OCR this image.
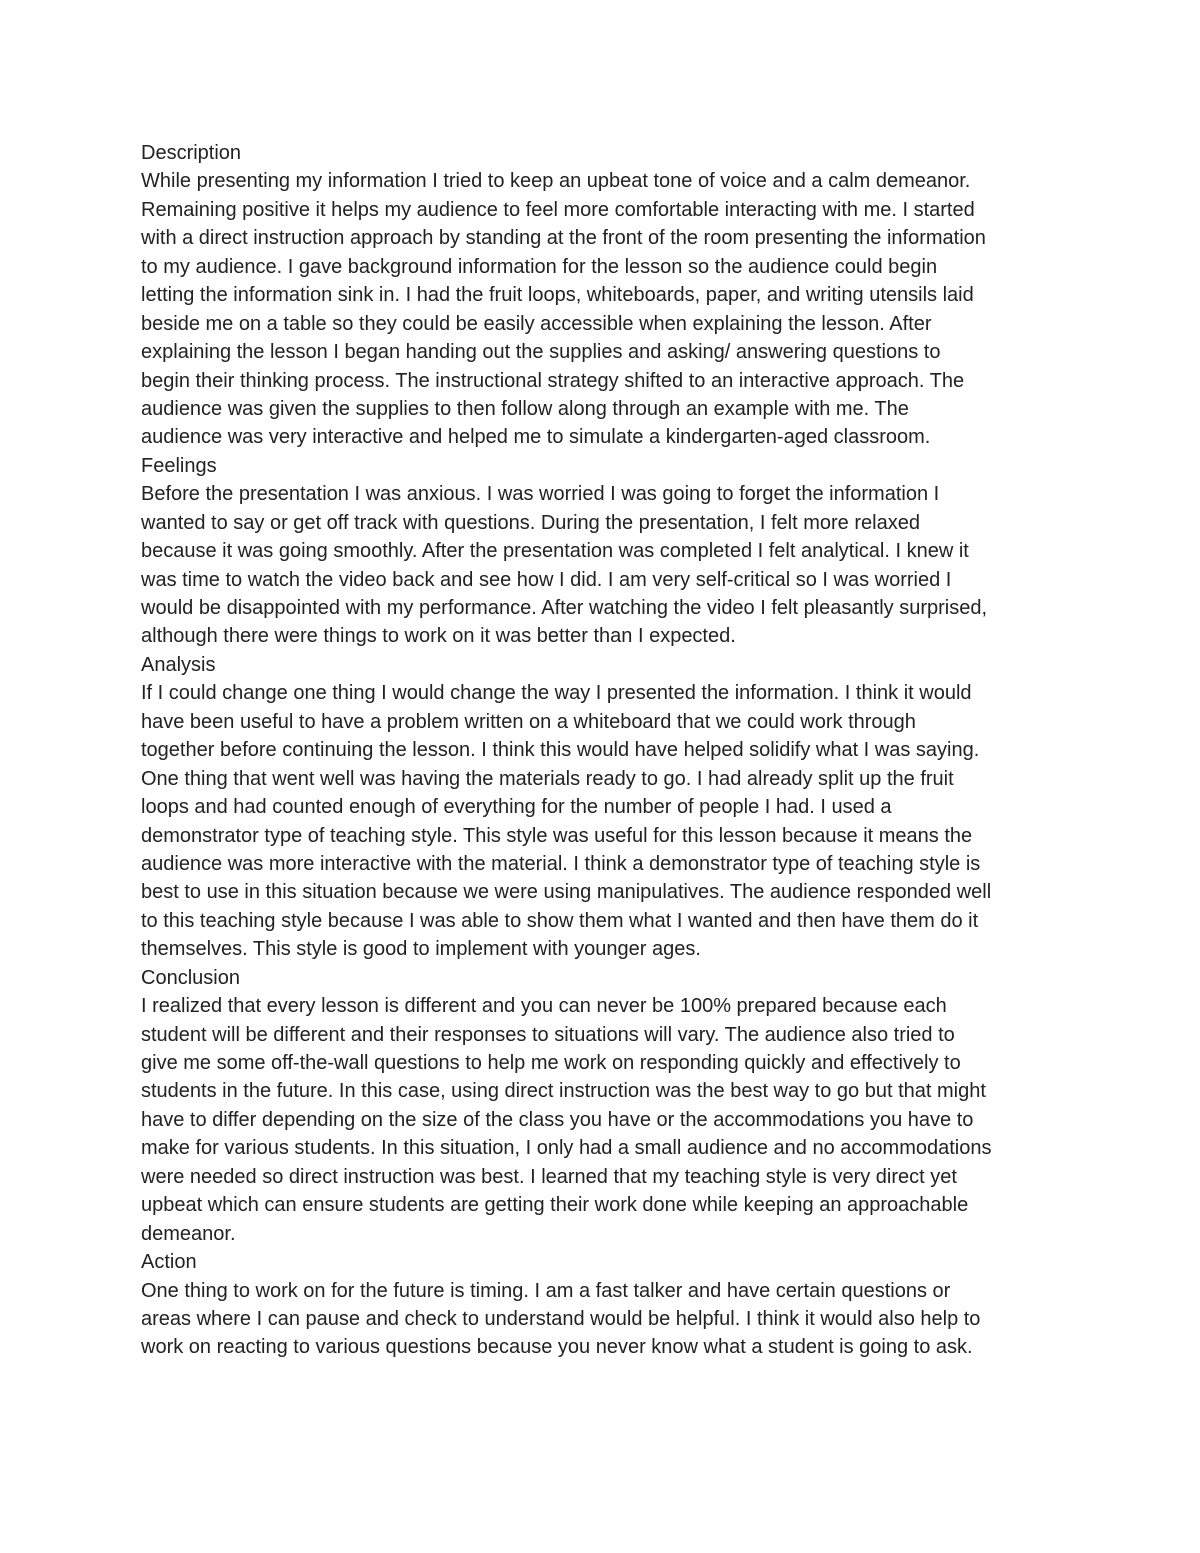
Description
While presenting my information I tried to keep an upbeat tone of voice and a calm demeanor.
Remaining positive it helps my audience to feel more comfortable interacting with me. I started
with a direct instruction approach by standing at the front of the room presenting the information
to my audience. I gave background information for the lesson so the audience could begin
letting the information sink in. I had the fruit loops, whiteboards, paper, and writing utensils laid
beside me on a table so they could be easily accessible when explaining the lesson. After
explaining the lesson I began handing out the supplies and asking/ answering questions to
begin their thinking process. The instructional strategy shifted to an interactive approach. The
audience was given the supplies to then follow along through an example with me. The
audience was very interactive and helped me to simulate a kindergarten-aged classroom.
Feelings
Before the presentation I was anxious. I was worried I was going to forget the information I
wanted to say or get off track with questions. During the presentation, I felt more relaxed
because it was going smoothly. After the presentation was completed I felt analytical. I knew it
was time to watch the video back and see how I did. I am very self-critical so I was worried I
would be disappointed with my performance. After watching the video I felt pleasantly surprised,
although there were things to work on it was better than I expected.
Analysis
If I could change one thing I would change the way I presented the information. I think it would
have been useful to have a problem written on a whiteboard that we could work through
together before continuing the lesson. I think this would have helped solidify what I was saying.
One thing that went well was having the materials ready to go. I had already split up the fruit
loops and had counted enough of everything for the number of people I had. I used a
demonstrator type of teaching style. This style was useful for this lesson because it means the
audience was more interactive with the material. I think a demonstrator type of teaching style is
best to use in this situation because we were using manipulatives. The audience responded well
to this teaching style because I was able to show them what I wanted and then have them do it
themselves. This style is good to implement with younger ages.
Conclusion
I realized that every lesson is different and you can never be 100% prepared because each
student will be different and their responses to situations will vary. The audience also tried to
give me some off-the-wall questions to help me work on responding quickly and effectively to
students in the future. In this case, using direct instruction was the best way to go but that might
have to differ depending on the size of the class you have or the accommodations you have to
make for various students. In this situation, I only had a small audience and no accommodations
were needed so direct instruction was best. I learned that my teaching style is very direct yet
upbeat which can ensure students are getting their work done while keeping an approachable
demeanor.
Action
One thing to work on for the future is timing. I am a fast talker and have certain questions or
areas where I can pause and check to understand would be helpful. I think it would also help to
work on reacting to various questions because you never know what a student is going to ask.
